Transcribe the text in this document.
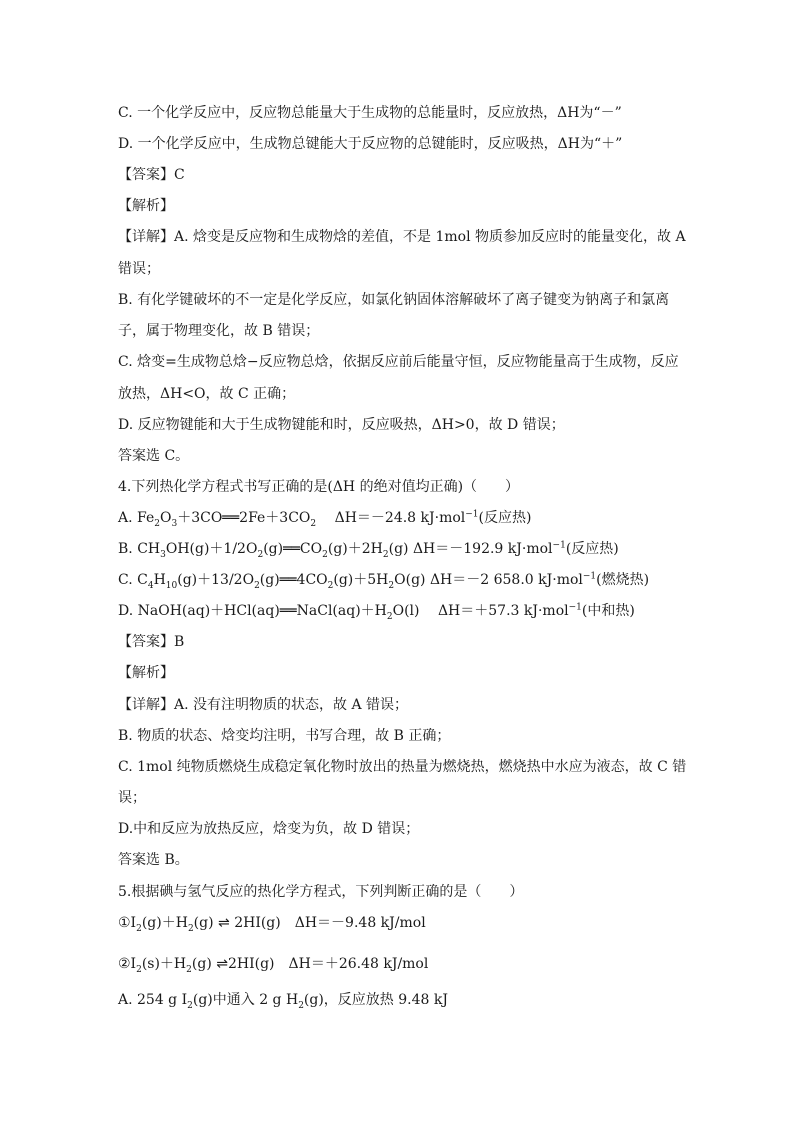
C. 一个化学反应中，反应物总能量大于生成物的总能量时，反应放热，ΔH为“－”
D. 一个化学反应中，生成物总键能大于反应物的总键能时，反应吸热，ΔH为“＋”
【答案】C
【解析】
【详解】A. 焓变是反应物和生成物焓的差值，不是 1mol 物质参加反应时的能量变化，故 A
错误；
B. 有化学键破坏的不一定是化学反应，如氯化钠固体溶解破坏了离子键变为钠离子和氯离
子，属于物理变化，故 B 错误；
C. 焓变=生成物总焓−反应物总焓，依据反应前后能量守恒，反应物能量高于生成物，反应
放热，ΔH<O，故 C 正确；
D. 反应物键能和大于生成物键能和时，反应吸热，ΔH>0，故 D 错误；
答案选 C。
4.下列热化学方程式书写正确的是(ΔH 的绝对值均正确)（　　）
A. $Fe_2O_3+3CO══2Fe+3CO_2$　 ΔH＝－24.8 kJ·mol$^{-1}$(反应热)
B. $CH_3OH(g)+1/2O_2(g)══CO_2(g)+2H_2(g)$ ΔH＝－192.9 kJ·mol$^{-1}$(反应热)
C. $C_4H_{10}(g)+13/2O_2(g)══4CO_2(g)+5H_2O(g)$ ΔH＝－2 658.0 kJ·mol$^{-1}$(燃烧热)
D. $NaOH(aq)+HCl(aq)══NaCl(aq)+H_2O(l)$　 ΔH＝＋57.3 kJ·mol$^{-1}$(中和热)
【答案】B
【解析】
【详解】A. 没有注明物质的状态，故 A 错误；
B. 物质的状态、焓变均注明，书写合理，故 B 正确；
C. 1mol 纯物质燃烧生成稳定氧化物时放出的热量为燃烧热，燃烧热中水应为液态，故 C 错
误；
D.中和反应为放热反应，焓变为负，故 D 错误；
答案选 B。
5.根据碘与氢气反应的热化学方程式，下列判断正确的是（　　）
$①I_2(g)+H_2(g)$ ⇌ 2HI(g)　ΔH＝－9.48 kJ/mol
$②I_2(s)+H_2(g)$ ⇌2HI(g)　ΔH＝＋26.48 kJ/mol
A. 254 g $I_2(g)$中通入 2 g $H_2(g)$，反应放热 9.48 kJ
